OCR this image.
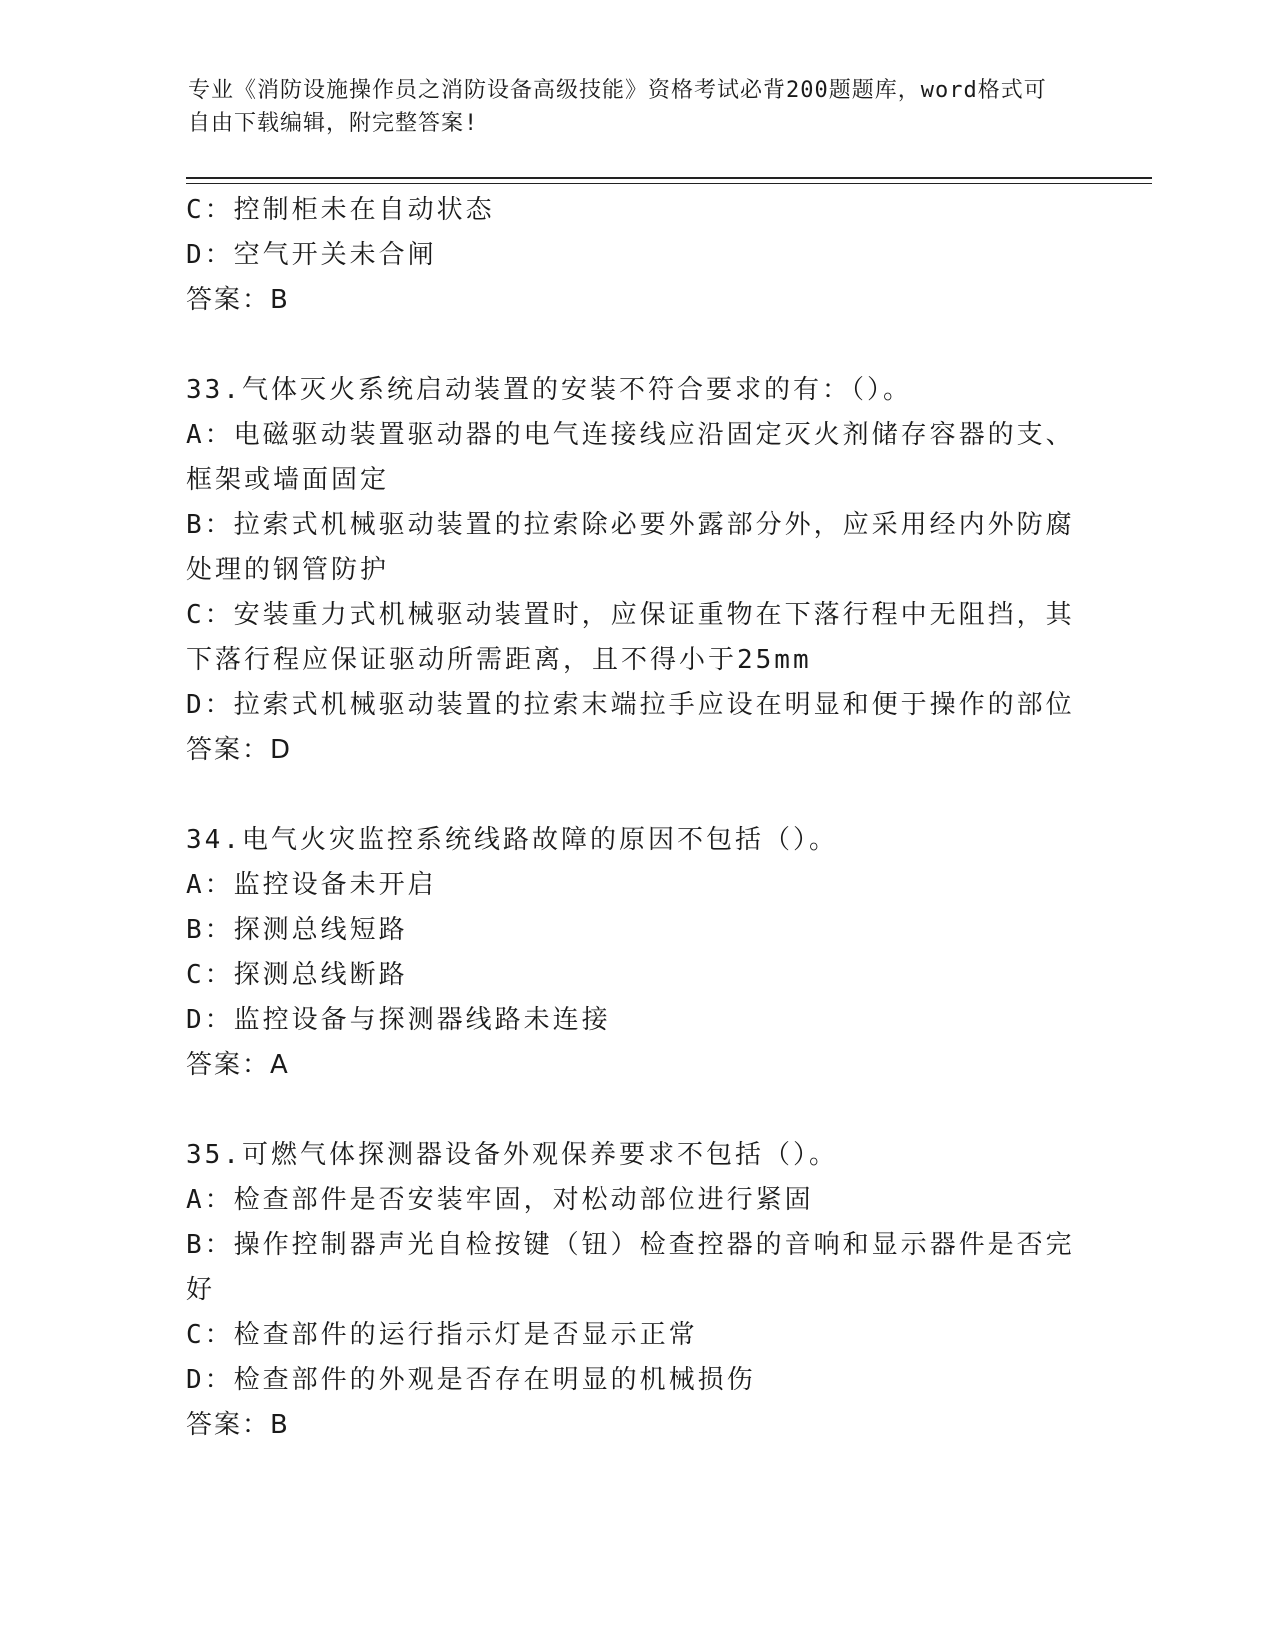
专业《消防设施操作员之消防设备高级技能》资格考试必背200题题库，word格式可自由下载编辑，附完整答案!
C：控制柜未在自动状态
D：空气开关未合闸
答案：B
33.气体灭火系统启动装置的安装不符合要求的有：（）。
A：电磁驱动装置驱动器的电气连接线应沿固定灭火剂储存容器的支、框架或墙面固定
B：拉索式机械驱动装置的拉索除必要外露部分外，应采用经内外防腐处理的钢管防护
C：安装重力式机械驱动装置时，应保证重物在下落行程中无阻挡，其下落行程应保证驱动所需距离，且不得小于25mm
D：拉索式机械驱动装置的拉索末端拉手应设在明显和便于操作的部位
答案：D
34.电气火灾监控系统线路故障的原因不包括（）。
A：监控设备未开启
B：探测总线短路
C：探测总线断路
D：监控设备与探测器线路未连接
答案：A
35.可燃气体探测器设备外观保养要求不包括（）。
A：检查部件是否安装牢固，对松动部位进行紧固
B：操作控制器声光自检按键（钮）检查控器的音响和显示器件是否完好
C：检查部件的运行指示灯是否显示正常
D：检查部件的外观是否存在明显的机械损伤
答案：B
